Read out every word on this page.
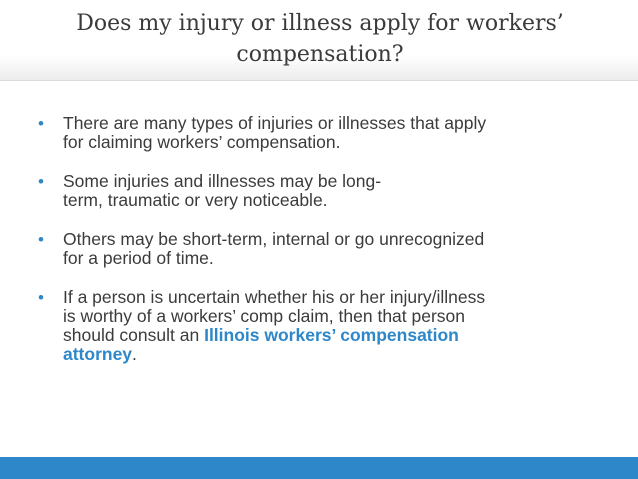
Does my injury or illness apply for workers’
compensation?
• There are many types of injuries or illnesses that apply
for claiming workers’ compensation.
• Some injuries and illnesses may be long-
term, traumatic or very noticeable.
• Others may be short-term, internal or go unrecognized
for a period of time.
• If a person is uncertain whether his or her injury/illness
is worthy of a workers’ comp claim, then that person
should consult an Illinois workers’ compensation
attorney.
